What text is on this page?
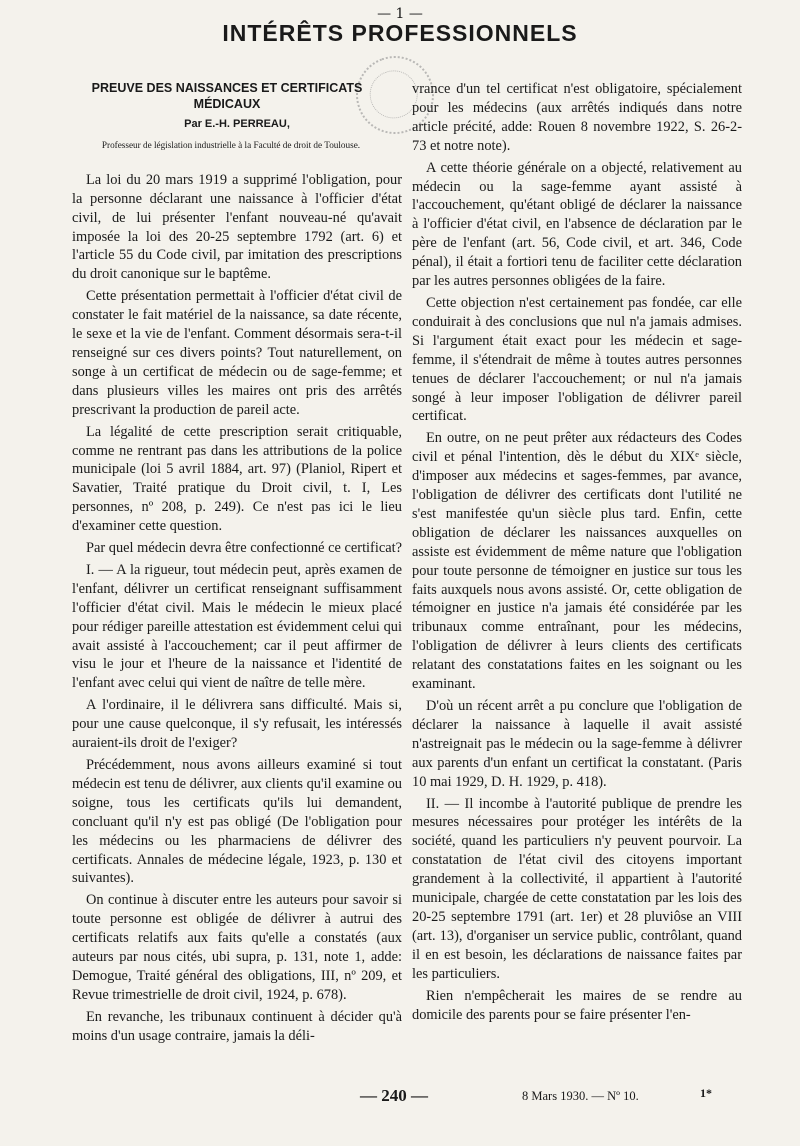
— 1 —
INTÉRÊTS PROFESSIONNELS
PREUVE DES NAISSANCES ET CERTIFICATS MÉDICAUX
Par E.-H. PERREAU,
Professeur de législation industrielle à la Faculté de droit de Toulouse.

La loi du 20 mars 1919 a supprimé l'obligation, pour la personne déclarant une naissance à l'officier d'état civil, de lui présenter l'enfant nouveau-né qu'avait imposée la loi des 20-25 septembre 1792 (art. 6) et l'article 55 du Code civil, par imitation des prescriptions du droit canonique sur le baptême.

Cette présentation permettait à l'officier d'état civil de constater le fait matériel de la naissance, sa date récente, le sexe et la vie de l'enfant. Comment désormais sera-t-il renseigné sur ces divers points? Tout naturellement, on songe à un certificat de médecin ou de sage-femme; et dans plusieurs villes les maires ont pris des arrêtés prescrivant la production de pareil acte.

La légalité de cette prescription serait critiquable, comme ne rentrant pas dans les attributions de la police municipale (loi 5 avril 1884, art. 97) (Planiol, Ripert et Savatier, Traité pratique du Droit civil, t. I, Les personnes, nº 208, p. 249). Ce n'est pas ici le lieu d'examiner cette question.

Par quel médecin devra être confectionné ce certificat?

I. — A la rigueur, tout médecin peut, après examen de l'enfant, délivrer un certificat renseignant suffisamment l'officier d'état civil. Mais le médecin le mieux placé pour rédiger pareille attestation est évidemment celui qui avait assisté à l'accouchement; car il peut affirmer de visu le jour et l'heure de la naissance et l'identité de l'enfant avec celui qui vient de naître de telle mère.

A l'ordinaire, il le délivrera sans difficulté. Mais si, pour une cause quelconque, il s'y refusait, les intéressés auraient-ils droit de l'exiger?

Précédemment, nous avons ailleurs examiné si tout médecin est tenu de délivrer, aux clients qu'il examine ou soigne, tous les certificats qu'ils lui demandent, concluant qu'il n'y est pas obligé (De l'obligation pour les médecins ou les pharmaciens de délivrer des certificats. Annales de médecine légale, 1923, p. 130 et suivantes).

On continue à discuter entre les auteurs pour savoir si toute personne est obligée de délivrer à autrui des certificats relatifs aux faits qu'elle a constatés (aux auteurs par nous cités, ubi supra, p. 131, note 1, adde: Demogue, Traité général des obligations, III, nº 209, et Revue trimestrielle de droit civil, 1924, p. 678).

En revanche, les tribunaux continuent à décider qu'à moins d'un usage contraire, jamais la déli-

vrance d'un tel certificat n'est obligatoire, spécialement pour les médecins (aux arrêtés indiqués dans notre article précité, adde: Rouen 8 novembre 1922, S. 26-2-73 et notre note).

A cette théorie générale on a objecté, relativement au médecin ou la sage-femme ayant assisté à l'accouchement, qu'étant obligé de déclarer la naissance à l'officier d'état civil, en l'absence de déclaration par le père de l'enfant (art. 56, Code civil, et art. 346, Code pénal), il était a fortiori tenu de faciliter cette déclaration par les autres personnes obligées de la faire.

Cette objection n'est certainement pas fondée, car elle conduirait à des conclusions que nul n'a jamais admises. Si l'argument était exact pour les médecin et sage-femme, il s'étendrait de même à toutes autres personnes tenues de déclarer l'accouchement; or nul n'a jamais songé à leur imposer l'obligation de délivrer pareil certificat.

En outre, on ne peut prêter aux rédacteurs des Codes civil et pénal l'intention, dès le début du XIXᵉ siècle, d'imposer aux médecins et sages-femmes, par avance, l'obligation de délivrer des certificats dont l'utilité ne s'est manifestée qu'un siècle plus tard. Enfin, cette obligation de déclarer les naissances auxquelles on assiste est évidemment de même nature que l'obligation pour toute personne de témoigner en justice sur tous les faits auxquels nous avons assisté. Or, cette obligation de témoigner en justice n'a jamais été considérée par les tribunaux comme entraînant, pour les médecins, l'obligation de délivrer à leurs clients des certificats relatant des constatations faites en les soignant ou les examinant.

D'où un récent arrêt a pu conclure que l'obligation de déclarer la naissance à laquelle il avait assisté n'astreignait pas le médecin ou la sage-femme à délivrer aux parents d'un enfant un certificat la constatant. (Paris 10 mai 1929, D. H. 1929, p. 418).

II. — Il incombe à l'autorité publique de prendre les mesures nécessaires pour protéger les intérêts de la société, quand les particuliers n'y peuvent pourvoir. La constatation de l'état civil des citoyens important grandement à la collectivité, il appartient à l'autorité municipale, chargée de cette constatation par les lois des 20-25 septembre 1791 (art. 1er) et 28 pluviôse an VIII (art. 13), d'organiser un service public, contrôlant, quand il en est besoin, les déclarations de naissance faites par les particuliers.

Rien n'empêcherait les maires de se rendre au domicile des parents pour se faire présenter l'en-

— 240 —	8 Mars 1930. — Nº 10.	1*
